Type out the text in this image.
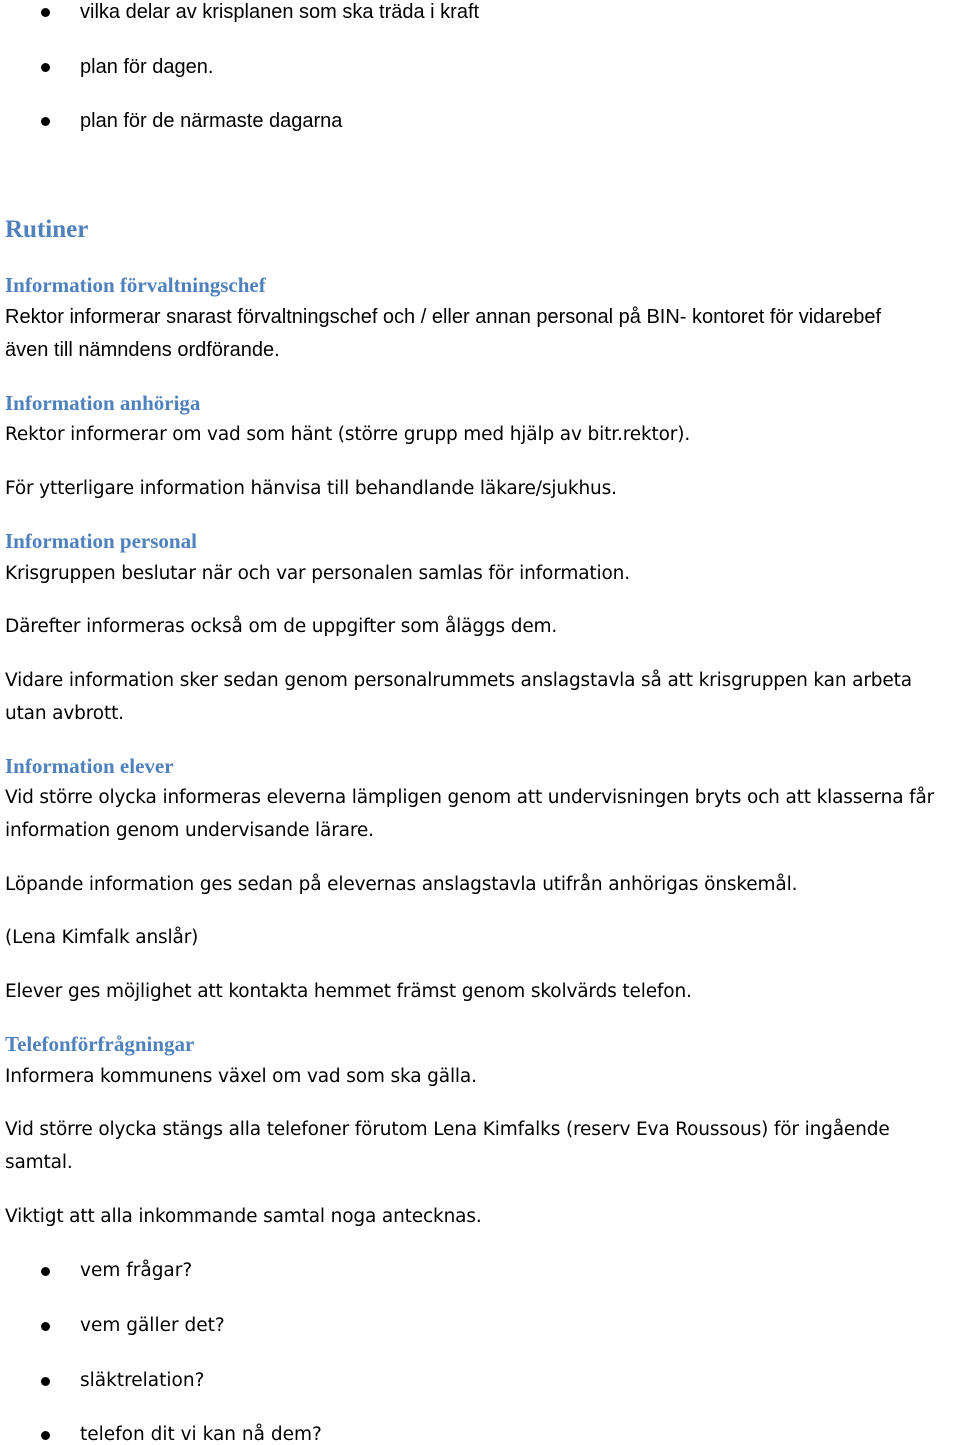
vilka delar av krisplanen som ska träda i kraft
plan för dagen.
plan för de närmaste dagarna
Rutiner
Information förvaltningschef
Rektor informerar snarast förvaltningschef och / eller annan personal på BIN- kontoret för vidarebef
även till nämndens ordförande.
Information anhöriga
Rektor informerar om vad som hänt (större grupp med hjälp av bitr.rektor).
För ytterligare information hänvisa till behandlande läkare/sjukhus.
Information personal
Krisgruppen beslutar när och var personalen samlas för information.
Därefter informeras också om de uppgifter som åläggs dem.
Vidare information sker sedan genom personalrummets anslagstavla så att krisgruppen kan arbeta
utan avbrott.
Information elever
Vid större olycka informeras eleverna lämpligen genom att undervisningen bryts och att klasserna får
information genom undervisande lärare.
Löpande information ges sedan på elevernas anslagstavla utifrån anhörigas önskemål.
(Lena Kimfalk anslår)
Elever ges möjlighet att kontakta hemmet främst genom skolvärds telefon.
Telefonförfrågningar
Informera kommunens växel om vad som ska gälla.
Vid större olycka stängs alla telefoner förutom Lena Kimfalks (reserv Eva Roussous) för ingående
samtal.
Viktigt att alla inkommande samtal noga antecknas.
vem frågar?
vem gäller det?
släktrelation?
telefon dit vi kan nå dem?
